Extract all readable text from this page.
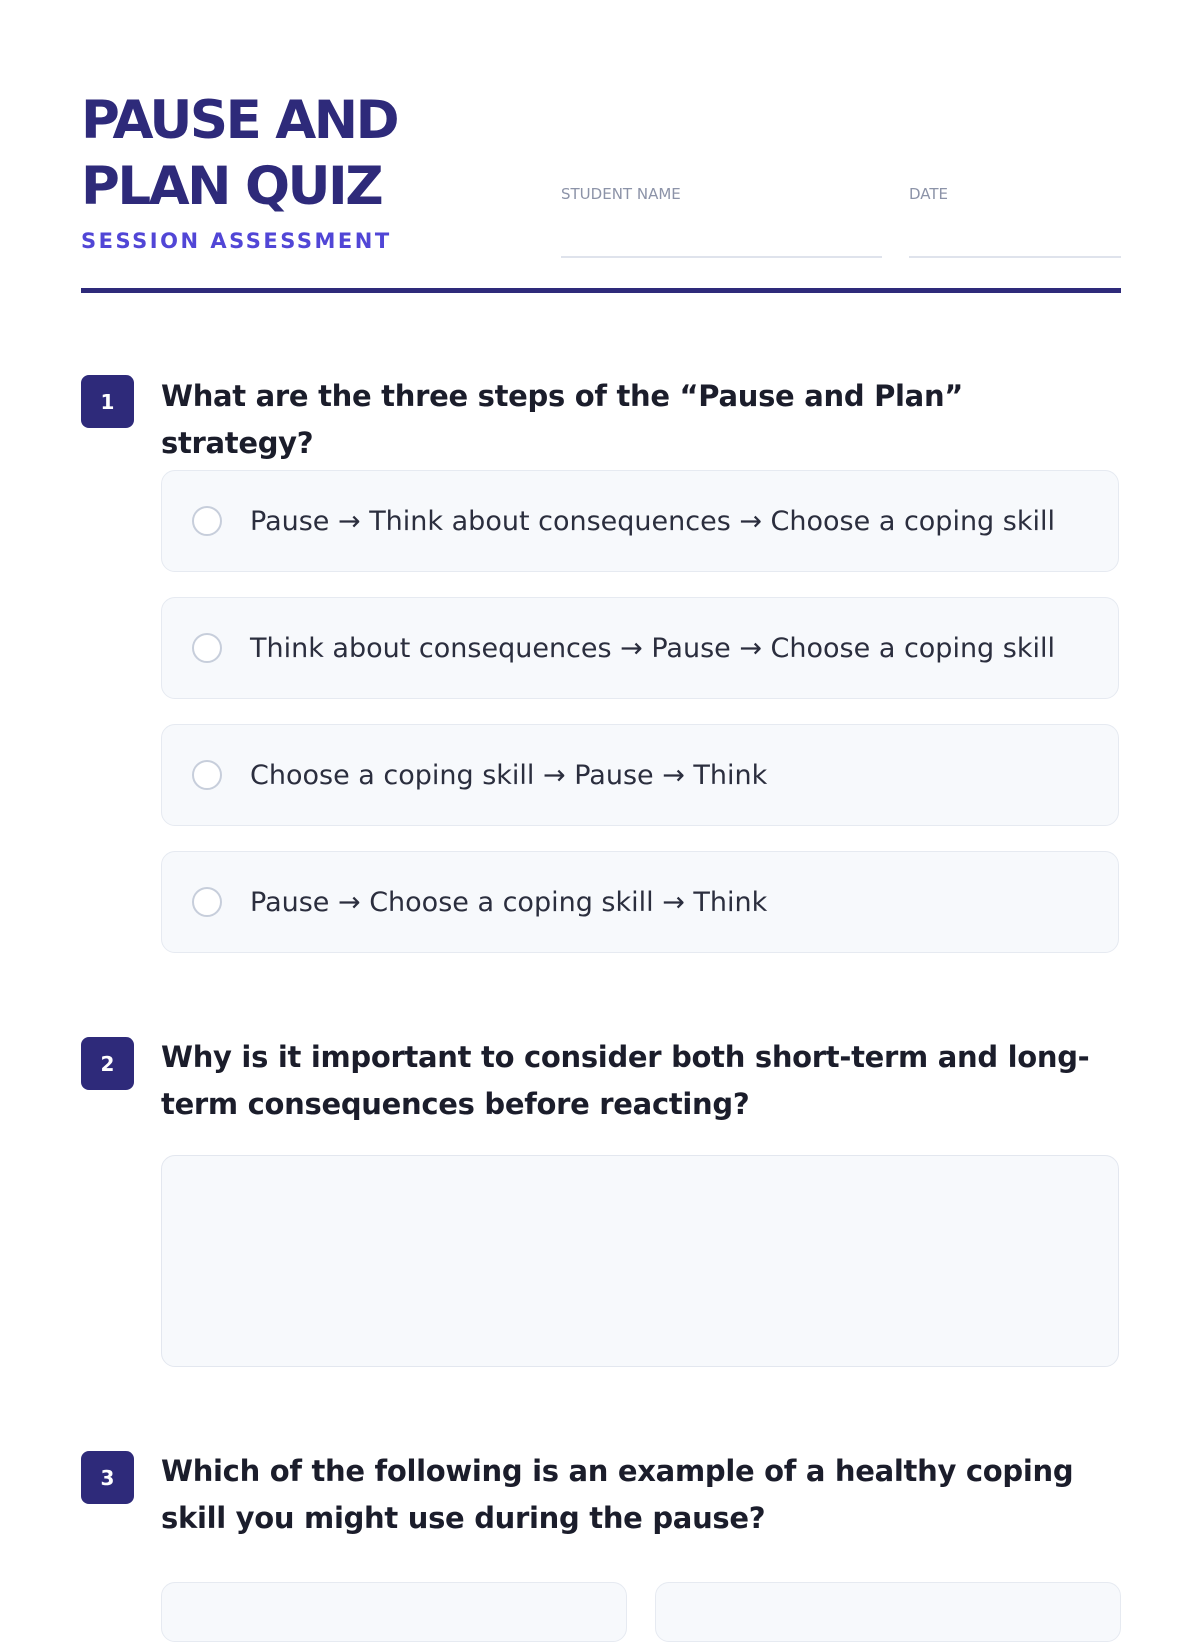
PAUSE AND PLAN QUIZ
SESSION ASSESSMENT
STUDENT NAME	DATE
1	What are the three steps of the “Pause and Plan” strategy?
Pause → Think about consequences → Choose a coping skill
Think about consequences → Pause → Choose a coping skill
Choose a coping skill → Pause → Think
Pause → Choose a coping skill → Think
2	Why is it important to consider both short-term and long-term consequences before reacting?
3	Which of the following is an example of a healthy coping skill you might use during the pause?
